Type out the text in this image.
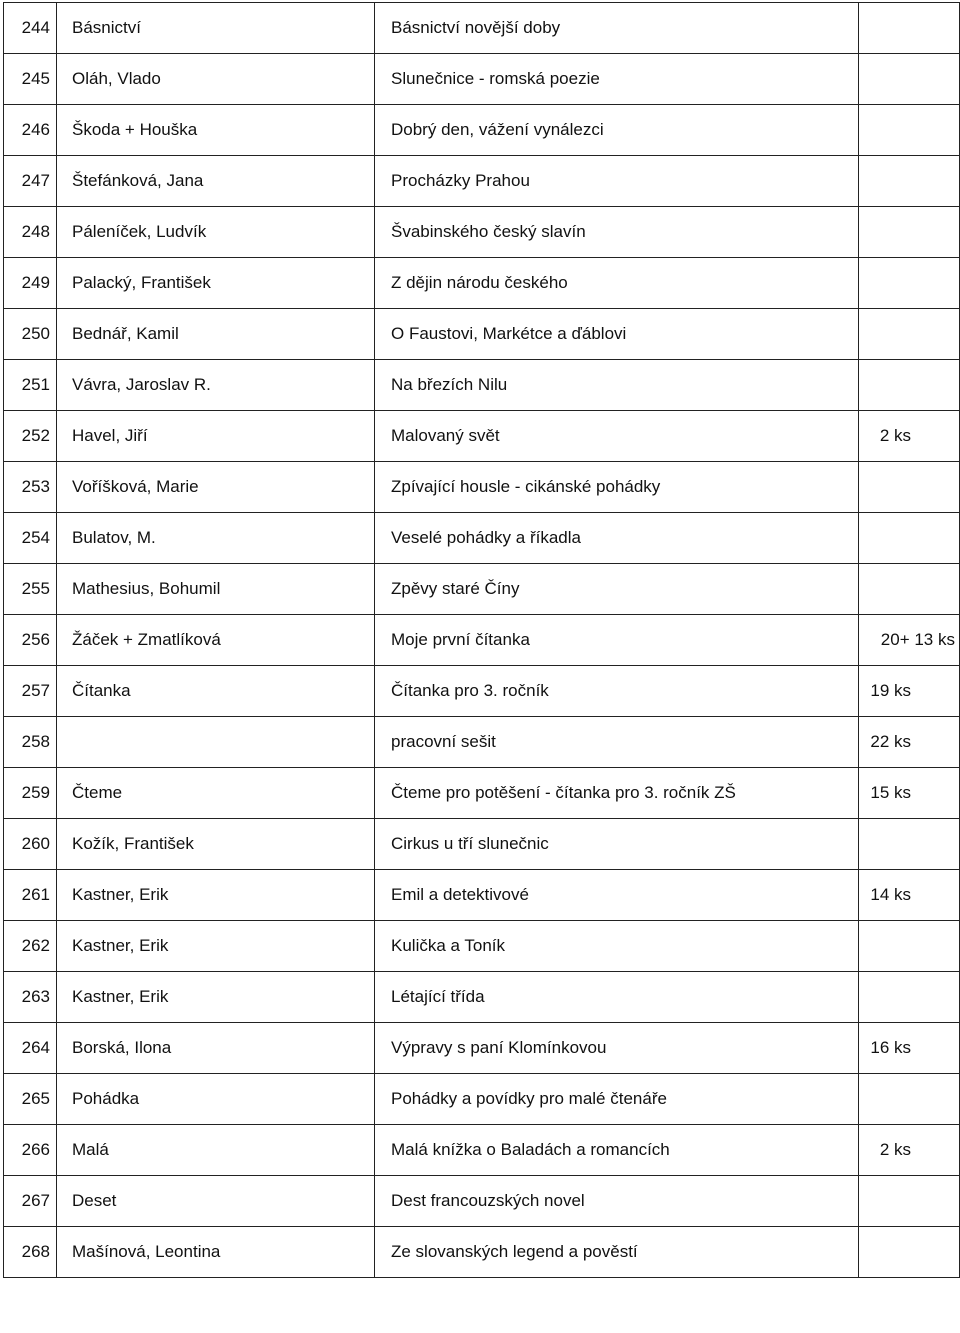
244	Básnictví	Básnictví novější doby	
245	Oláh, Vlado	Slunečnice - romská poezie	
246	Škoda + Houška	Dobrý den, vážení vynálezci	
247	Štefánková, Jana	Procházky Prahou	
248	Páleníček, Ludvík	Švabinského český slavín	
249	Palacký, František	Z dějin národu českého	
250	Bednář, Kamil	O Faustovi, Markétce a ďáblovi	
251	Vávra, Jaroslav R.	Na březích Nilu	
252	Havel, Jiří	Malovaný svět	2 ks
253	Voříšková, Marie	Zpívající housle - cikánské pohádky	
254	Bulatov, M.	Veselé pohádky a říkadla	
255	Mathesius, Bohumil	Zpěvy staré Číny	
256	Žáček + Zmatlíková	Moje první čítanka	20+ 13 ks
257	Čítanka	Čítanka pro 3. ročník	19 ks
258		pracovní sešit	22 ks
259	Čteme	Čteme pro potěšení - čítanka pro 3. ročník ZŠ	15 ks
260	Kožík, František	Cirkus u tří slunečnic	
261	Kastner, Erik	Emil a detektivové	14 ks
262	Kastner, Erik	Kulička a Toník	
263	Kastner, Erik	Létající třída	
264	Borská, Ilona	Výpravy s paní Klomínkovou	16 ks
265	Pohádka	Pohádky a povídky pro malé čtenáře	
266	Malá	Malá knížka o Baladách a romancích	2 ks
267	Deset	Dest francouzských novel	
268	Mašínová, Leontina	Ze slovanských legend a pověstí	
